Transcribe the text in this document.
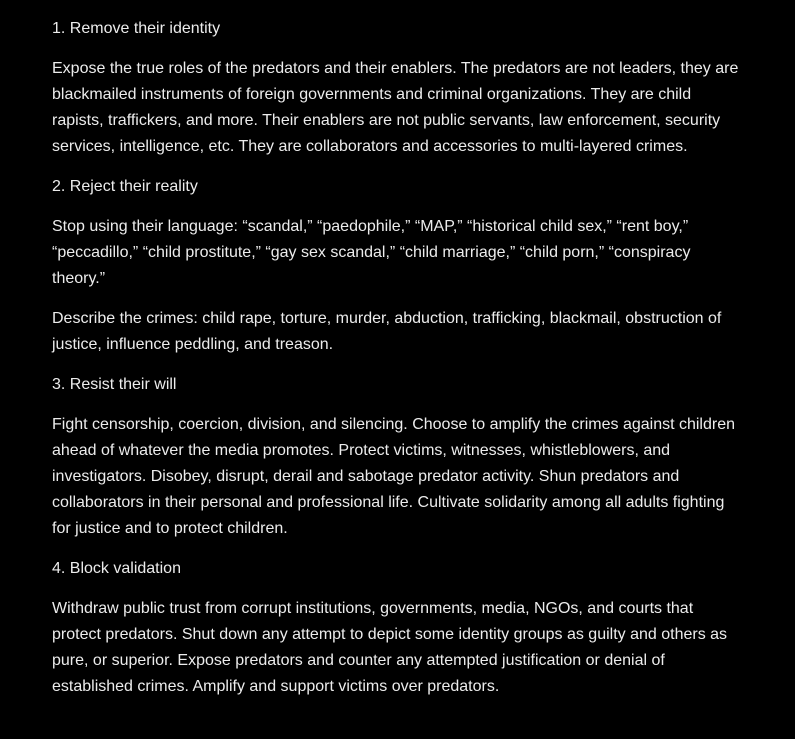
1. Remove their identity

Expose the true roles of the predators and their enablers. The predators are not leaders, they are blackmailed instruments of foreign governments and criminal organizations. They are child rapists, traffickers, and more. Their enablers are not public servants, law enforcement, security services, intelligence, etc. They are collaborators and accessories to multi-layered crimes.

2. Reject their reality

Stop using their language: “scandal,” “paedophile,” “MAP,” “historical child sex,” “rent boy,” “peccadillo,” “child prostitute,” “gay sex scandal,” “child marriage,” “child porn,” “conspiracy theory.”

Describe the crimes: child rape, torture, murder, abduction, trafficking, blackmail, obstruction of justice, influence peddling, and treason.

3. Resist their will

Fight censorship, coercion, division, and silencing. Choose to amplify the crimes against children ahead of whatever the media promotes. Protect victims, witnesses, whistleblowers, and investigators. Disobey, disrupt, derail and sabotage predator activity. Shun predators and collaborators in their personal and professional life. Cultivate solidarity among all adults fighting for justice and to protect children.

4. Block validation

Withdraw public trust from corrupt institutions, governments, media, NGOs, and courts that protect predators. Shut down any attempt to depict some identity groups as guilty and others as pure, or superior. Expose predators and counter any attempted justification or denial of established crimes. Amplify and support victims over predators.
